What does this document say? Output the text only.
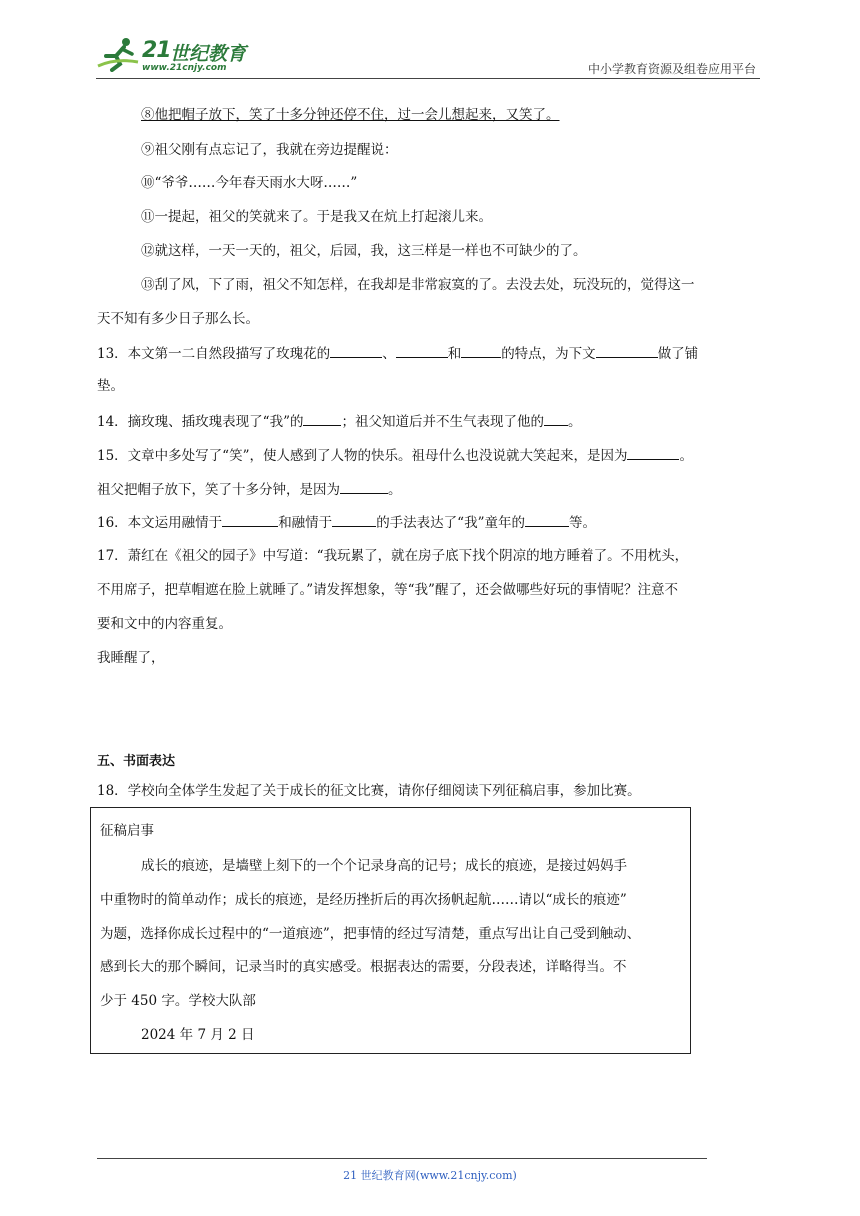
21 世纪教育
www.21cnjy.com	中小学教育资源及组卷应用平台
⑧他把帽子放下，笑了十多分钟还停不住，过一会儿想起来，又笑了。
⑨祖父刚有点忘记了，我就在旁边提醒说：
⑩“爷爷……今年春天雨水大呀……”
⑪一提起，祖父的笑就来了。于是我又在炕上打起滚儿来。
⑫就这样，一天一天的，祖父，后园，我，这三样是一样也不可缺少的了。
⑬刮了风，下了雨，祖父不知怎样，在我却是非常寂寞的了。去没去处，玩没玩的，觉得这一
天不知有多少日子那么长。
13．本文第一二自然段描写了玫瑰花的	、	和	的特点，为下文	做了铺
垫。
14．摘玫瑰、插玫瑰表现了“我”的	；祖父知道后并不生气表现了他的 。
15．文章中多处写了“笑”，使人感到了人物的快乐。祖母什么也没说就大笑起来，是因为	。
祖父把帽子放下，笑了十多分钟，是因为	。
16．本文运用融情于	和融情于	的手法表达了“我”童年的	等。
17．萧红在《祖父的园子》中写道：“我玩累了，就在房子底下找个阴凉的地方睡着了。不用枕头，
不用席子，把草帽遮在脸上就睡了。”请发挥想象，等“我”醒了，还会做哪些好玩的事情呢？注意不
要和文中的内容重复。
我睡醒了，
五、书面表达
18．学校向全体学生发起了关于成长的征文比赛，请你仔细阅读下列征稿启事，参加比赛。
征稿启事
成长的痕迹，是墙壁上刻下的一个个记录身高的记号；成长的痕迹，是接过妈妈手
中重物时的简单动作；成长的痕迹，是经历挫折后的再次扬帆起航……请以“成长的痕迹”
为题，选择你成长过程中的“一道痕迹”，把事情的经过写清楚，重点写出让自己受到触动、
感到长大的那个瞬间，记录当时的真实感受。根据表达的需要，分段表述，详略得当。不
少于 450 字。学校大队部
2024 年 7 月 2 日
21 世纪教育网(www.21cnjy.com)
